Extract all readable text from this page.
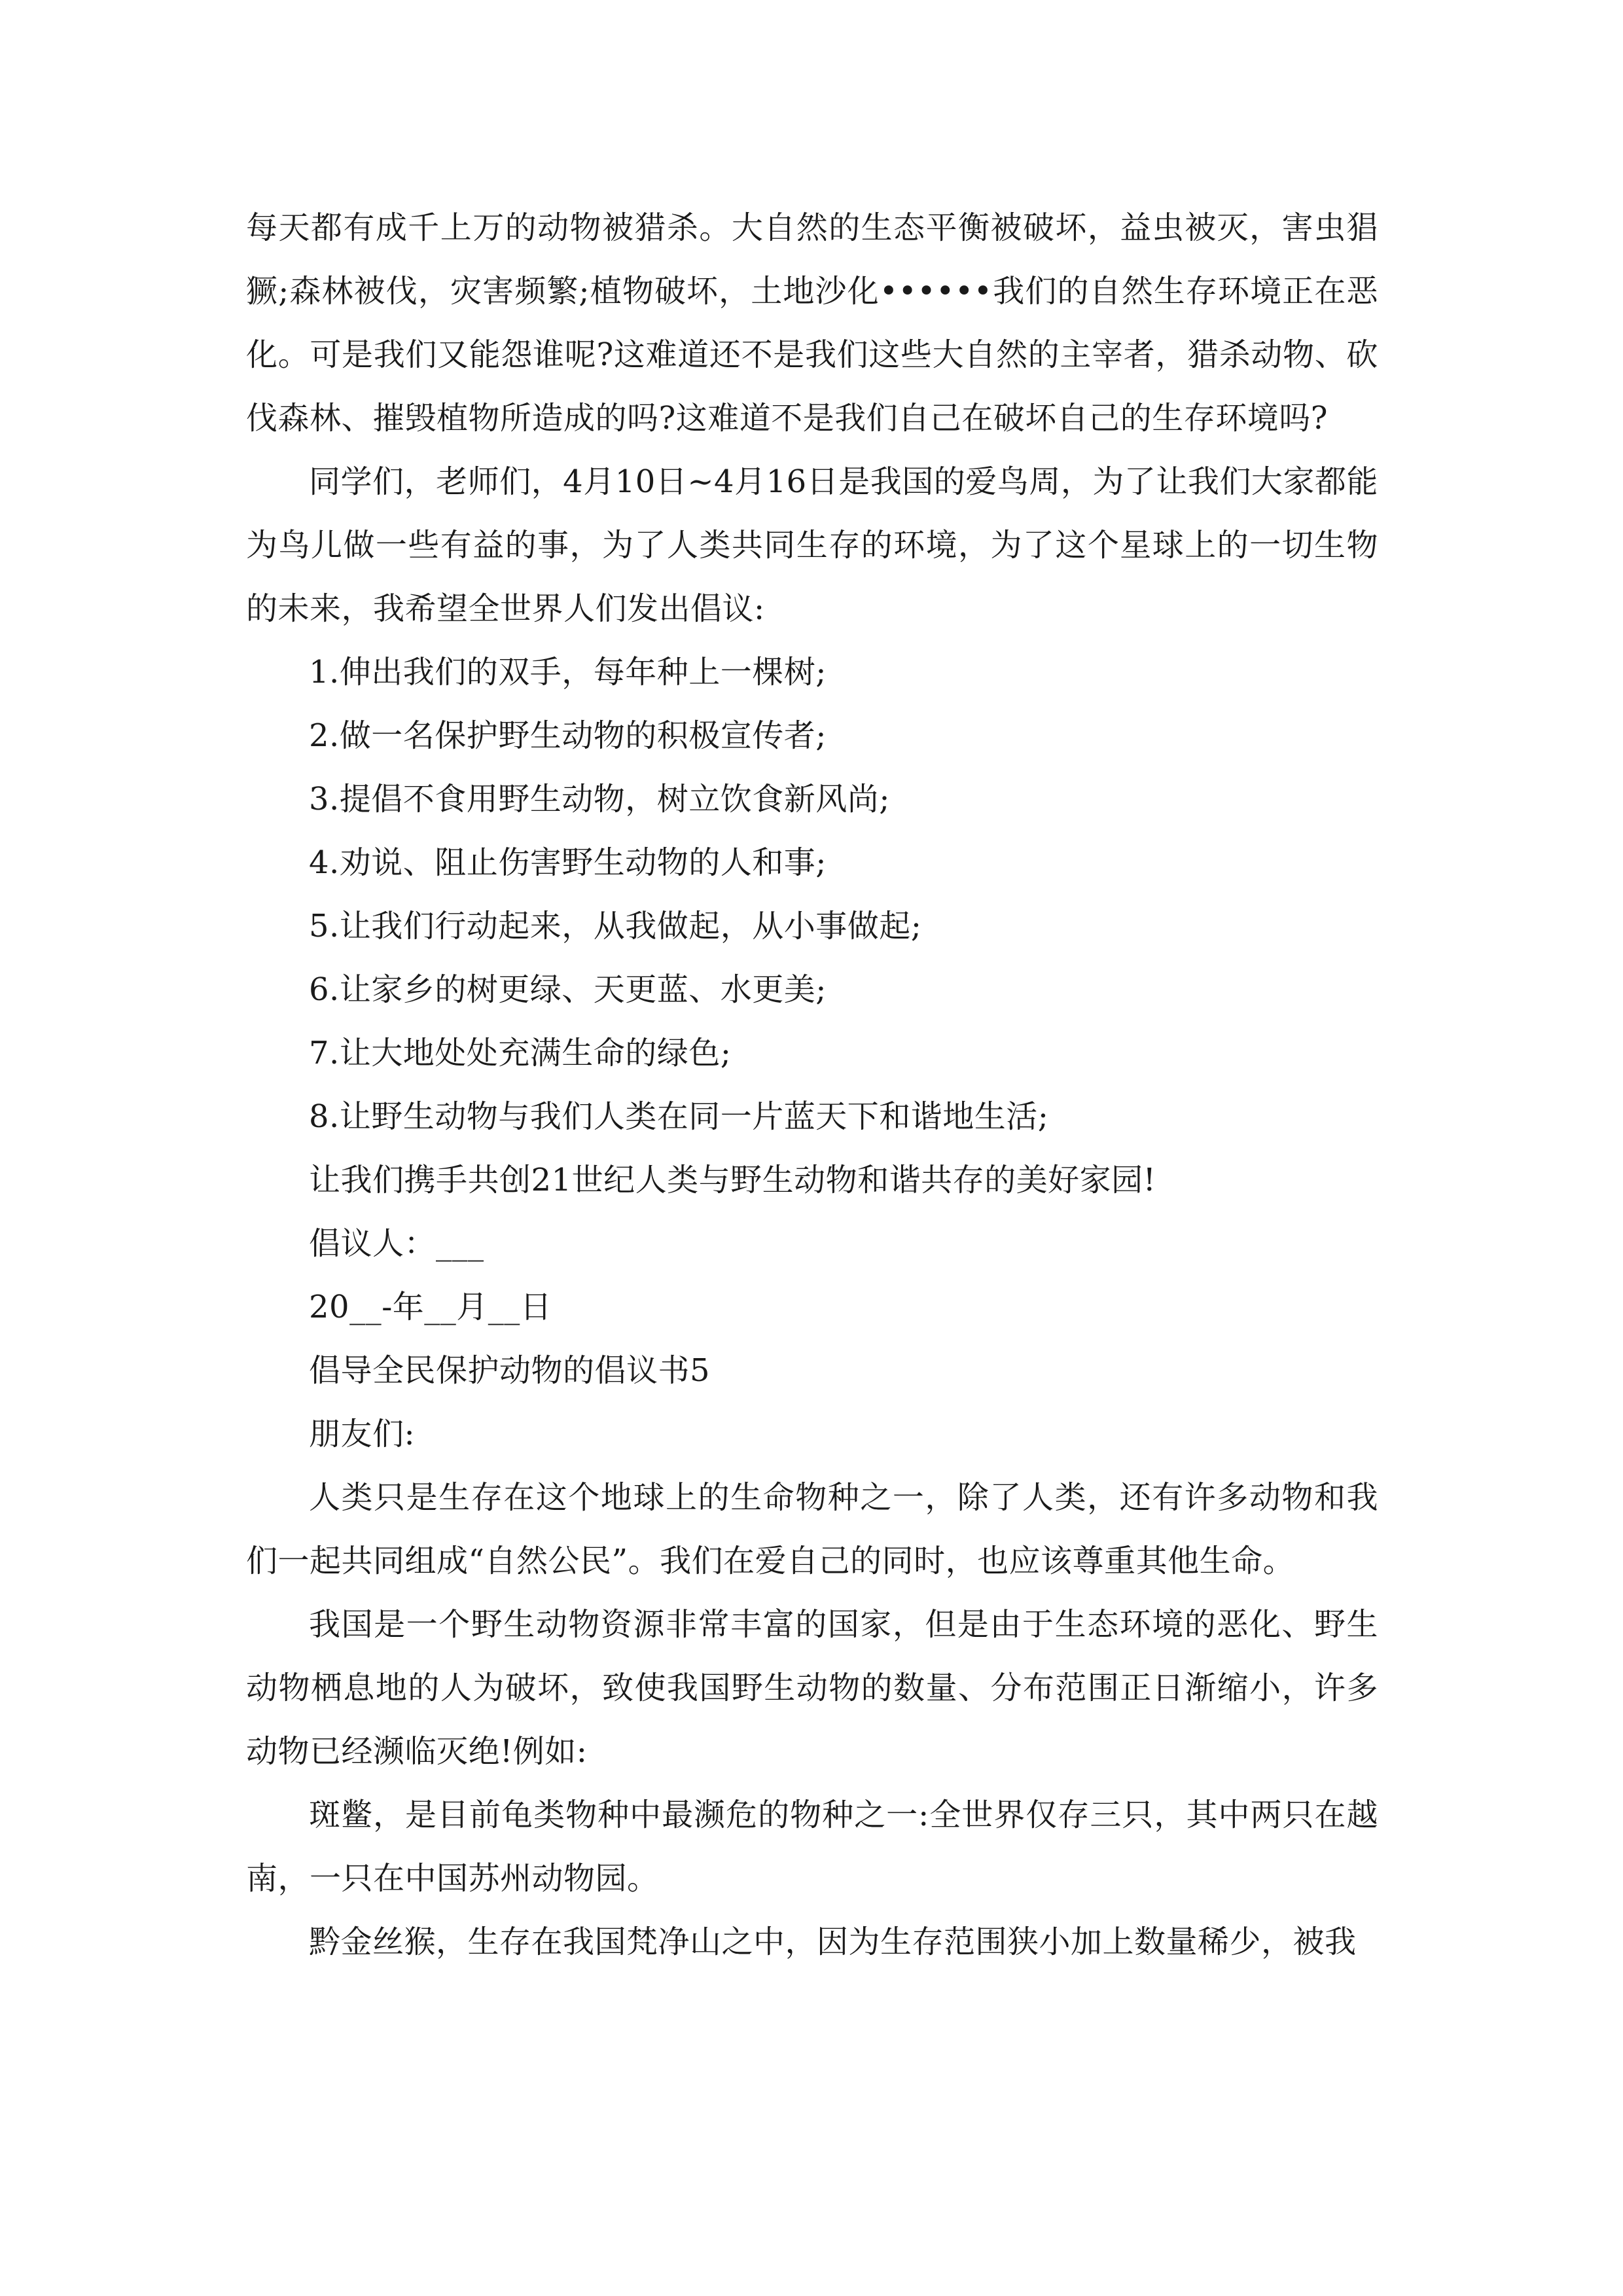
每天都有成千上万的动物被猎杀。大自然的生态平衡被破坏，益虫被灭，害虫猖獗;森林被伐，灾害频繁;植物破坏，土地沙化••••••我们的自然生存环境正在恶化。可是我们又能怨谁呢?这难道还不是我们这些大自然的主宰者，猎杀动物、砍伐森林、摧毁植物所造成的吗?这难道不是我们自己在破坏自己的生存环境吗?

同学们，老师们，4月10日~4月16日是我国的爱鸟周，为了让我们大家都能为鸟儿做一些有益的事，为了人类共同生存的环境，为了这个星球上的一切生物的未来，我希望全世界人们发出倡议:

1.伸出我们的双手，每年种上一棵树;

2.做一名保护野生动物的积极宣传者;

3.提倡不食用野生动物，树立饮食新风尚;

4.劝说、阻止伤害野生动物的人和事;

5.让我们行动起来，从我做起，从小事做起;

6.让家乡的树更绿、天更蓝、水更美;

7.让大地处处充满生命的绿色;

8.让野生动物与我们人类在同一片蓝天下和谐地生活;

让我们携手共创21世纪人类与野生动物和谐共存的美好家园!

倡议人：___

20__-年__月__日

倡导全民保护动物的倡议书5

朋友们:

人类只是生存在这个地球上的生命物种之一，除了人类，还有许多动物和我们一起共同组成“自然公民”。我们在爱自己的同时，也应该尊重其他生命。

我国是一个野生动物资源非常丰富的国家，但是由于生态环境的恶化、野生动物栖息地的人为破坏，致使我国野生动物的数量、分布范围正日渐缩小，许多动物已经濒临灭绝!例如:

斑鳖，是目前龟类物种中最濒危的物种之一:全世界仅存三只，其中两只在越南，一只在中国苏州动物园。

黔金丝猴，生存在我国梵净山之中，因为生存范围狭小加上数量稀少，被我
